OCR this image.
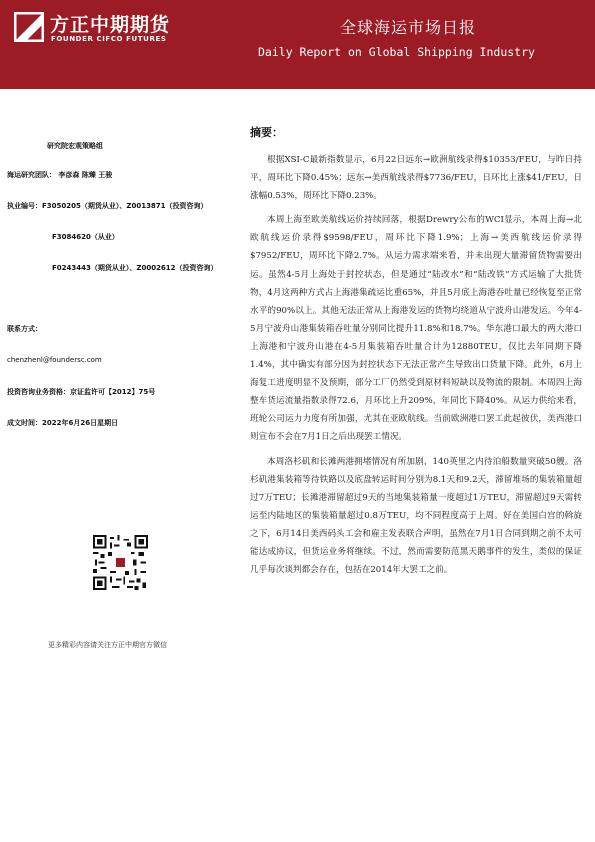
方正中期期货
FOUNDER CIFCO FUTURES
全球海运市场日报
Daily Report on Global Shipping Industry
研究院宏观策略组
海运研究团队： 李彦森 陈臻 王骏
执业编号：F3050205（期货从业）、Z0013871（投资咨询）
F3084620（从业）
F0243443（期货从业）、Z0002612（投资咨询）
联系方式：
chenzhenl@foundersc.com
投资咨询业务资格：京证监许可【2012】75号
成文时间：2022年6月26日星期日
更多精彩内容请关注方正中期官方微信
摘要：

根据XSI-C最新指数显示，6月22日远东→欧洲航线录得$10353/FEU，与昨日持平，周环比下降0.45%；远东→美西航线录得$7736/FEU，日环比上涨$41/FEU，日涨幅0.53%，周环比下降0.23%。

本周上海至欧美航线运价持续回落，根据Drewry公布的WCI显示，本周上海→北欧航线运价录得$9598/FEU，周环比下降1.9%；上海→美西航线运价录得$7952/FEU，周环比下降2.7%。从运力需求端来看，并未出现大量滞留货物需要出运。虽然4-5月上海处于封控状态，但是通过“陆改水”和“陆改铁”方式运输了大批货物，4月这两种方式占上海港集疏运比重65%，并且5月底上海港吞吐量已经恢复至正常水平的90%以上。其他无法正常从上海港发运的货物均绕道从宁波舟山港发运。今年4-5月宁波舟山港集装箱吞吐量分别同比提升11.8%和18.7%。华东港口最大的两大港口上海港和宁波舟山港在4-5月集装箱吞吐量合计为12880TEU，仅比去年同期下降1.4%，其中确实有部分因为封控状态下无法正常产生导致出口货量下降。此外，6月上海复工进度明显不及预期，部分工厂仍然受到原材料短缺以及物流的限制。本周四上海整车货运流量指数录得72.6，月环比上升209%，年同比下降40%。从运力供给来看，班轮公司运力力度有所加强，尤其在亚欧航线。当前欧洲港口罢工此起彼伏，美西港口则宣布不会在7月1日之后出现罢工情况。

本周洛杉矶和长滩两港拥堵情况有所加剧，140英里之内待泊船数量突破50艘。洛杉矶港集装箱等待铁路以及底盘转运时间分别为8.1天和9.2天，滞留堆场的集装箱量超过7万TEU；长滩港滞留超过9天的当地集装箱量一度超过1万TEU，滞留超过9天需转运至内陆地区的集装箱量超过0.8万TEU，均不同程度高于上周。好在美国白宫的斡旋之下，6月14日美西码头工会和雇主发表联合声明，虽然在7月1日合同到期之前不太可能达成协议，但货运业务将继续。不过，然而需要防范黑天鹅事件的发生，类似的保证几乎每次谈判都会存在，包括在2014年大罢工之前。
